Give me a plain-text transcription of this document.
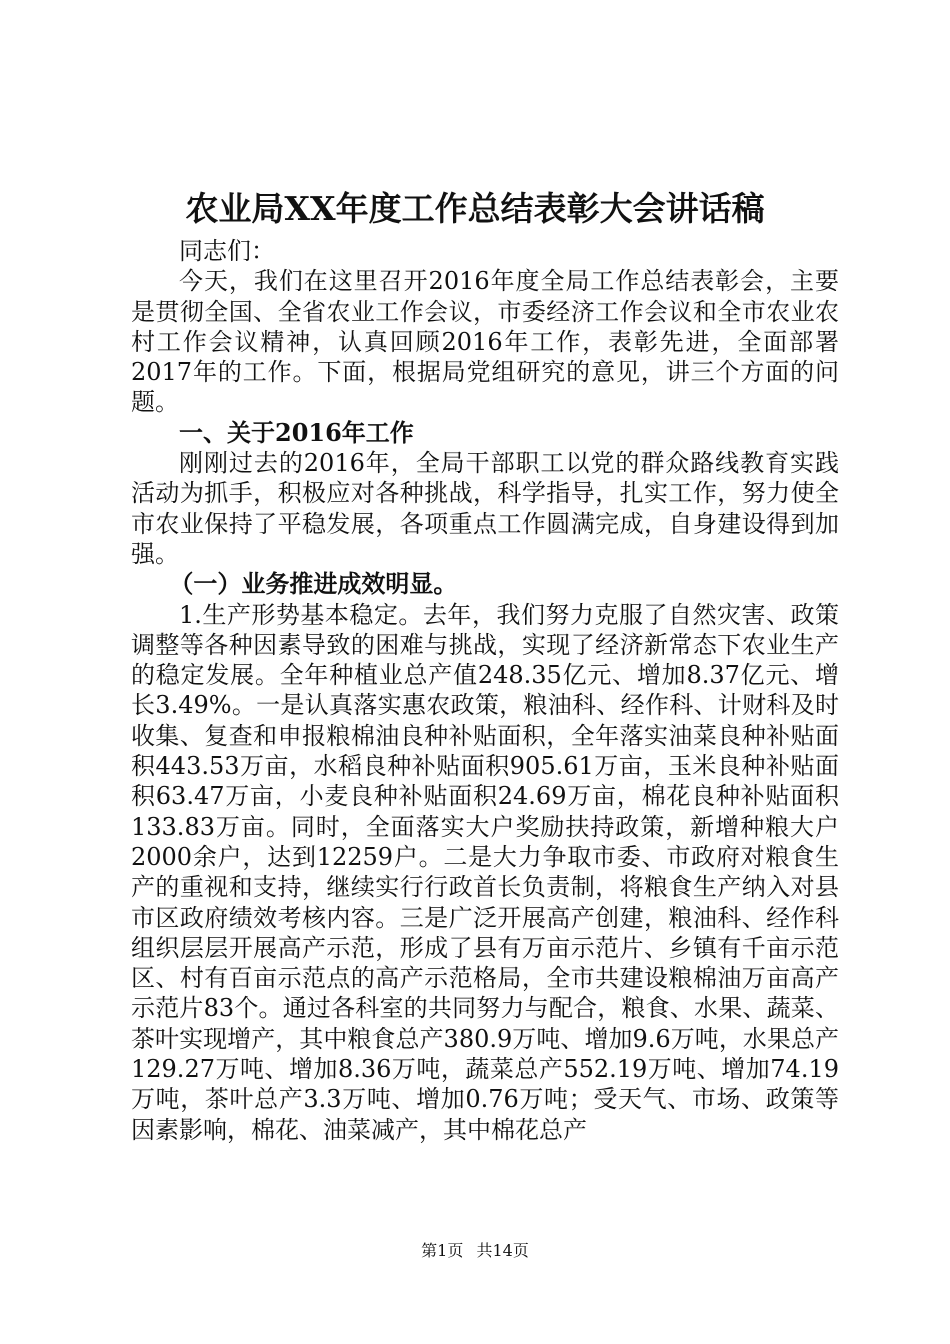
农业局XX年度工作总结表彰大会讲话稿

同志们：

今天，我们在这里召开2016年度全局工作总结表彰会，主要是贯彻全国、全省农业工作会议，市委经济工作会议和全市农业农村工作会议精神，认真回顾2016年工作，表彰先进，全面部署2017年的工作。下面，根据局党组研究的意见，讲三个方面的问题。

一、关于2016年工作

刚刚过去的2016年，全局干部职工以党的群众路线教育实践活动为抓手，积极应对各种挑战，科学指导，扎实工作，努力使全市农业保持了平稳发展，各项重点工作圆满完成，自身建设得到加强。

（一）业务推进成效明显。

1.生产形势基本稳定。去年，我们努力克服了自然灾害、政策调整等各种因素导致的困难与挑战，实现了经济新常态下农业生产的稳定发展。全年种植业总产值248.35亿元、增加8.37亿元、增长3.49%。一是认真落实惠农政策，粮油科、经作科、计财科及时收集、复查和申报粮棉油良种补贴面积，全年落实油菜良种补贴面积443.53万亩，水稻良种补贴面积905.61万亩，玉米良种补贴面积63.47万亩，小麦良种补贴面积24.69万亩，棉花良种补贴面积133.83万亩。同时，全面落实大户奖励扶持政策，新增种粮大户2000余户，达到12259户。二是大力争取市委、市政府对粮食生产的重视和支持，继续实行行政首长负责制，将粮食生产纳入对县市区政府绩效考核内容。三是广泛开展高产创建，粮油科、经作科组织层层开展高产示范，形成了县有万亩示范片、乡镇有千亩示范区、村有百亩示范点的高产示范格局，全市共建设粮棉油万亩高产示范片83个。通过各科室的共同努力与配合，粮食、水果、蔬菜、茶叶实现增产，其中粮食总产380.9万吨、增加9.6万吨，水果总产129.27万吨、增加8.36万吨，蔬菜总产552.19万吨、增加74.19万吨，茶叶总产3.3万吨、增加0.76万吨；受天气、市场、政策等因素影响，棉花、油菜减产，其中棉花总产

第1页 共14页
